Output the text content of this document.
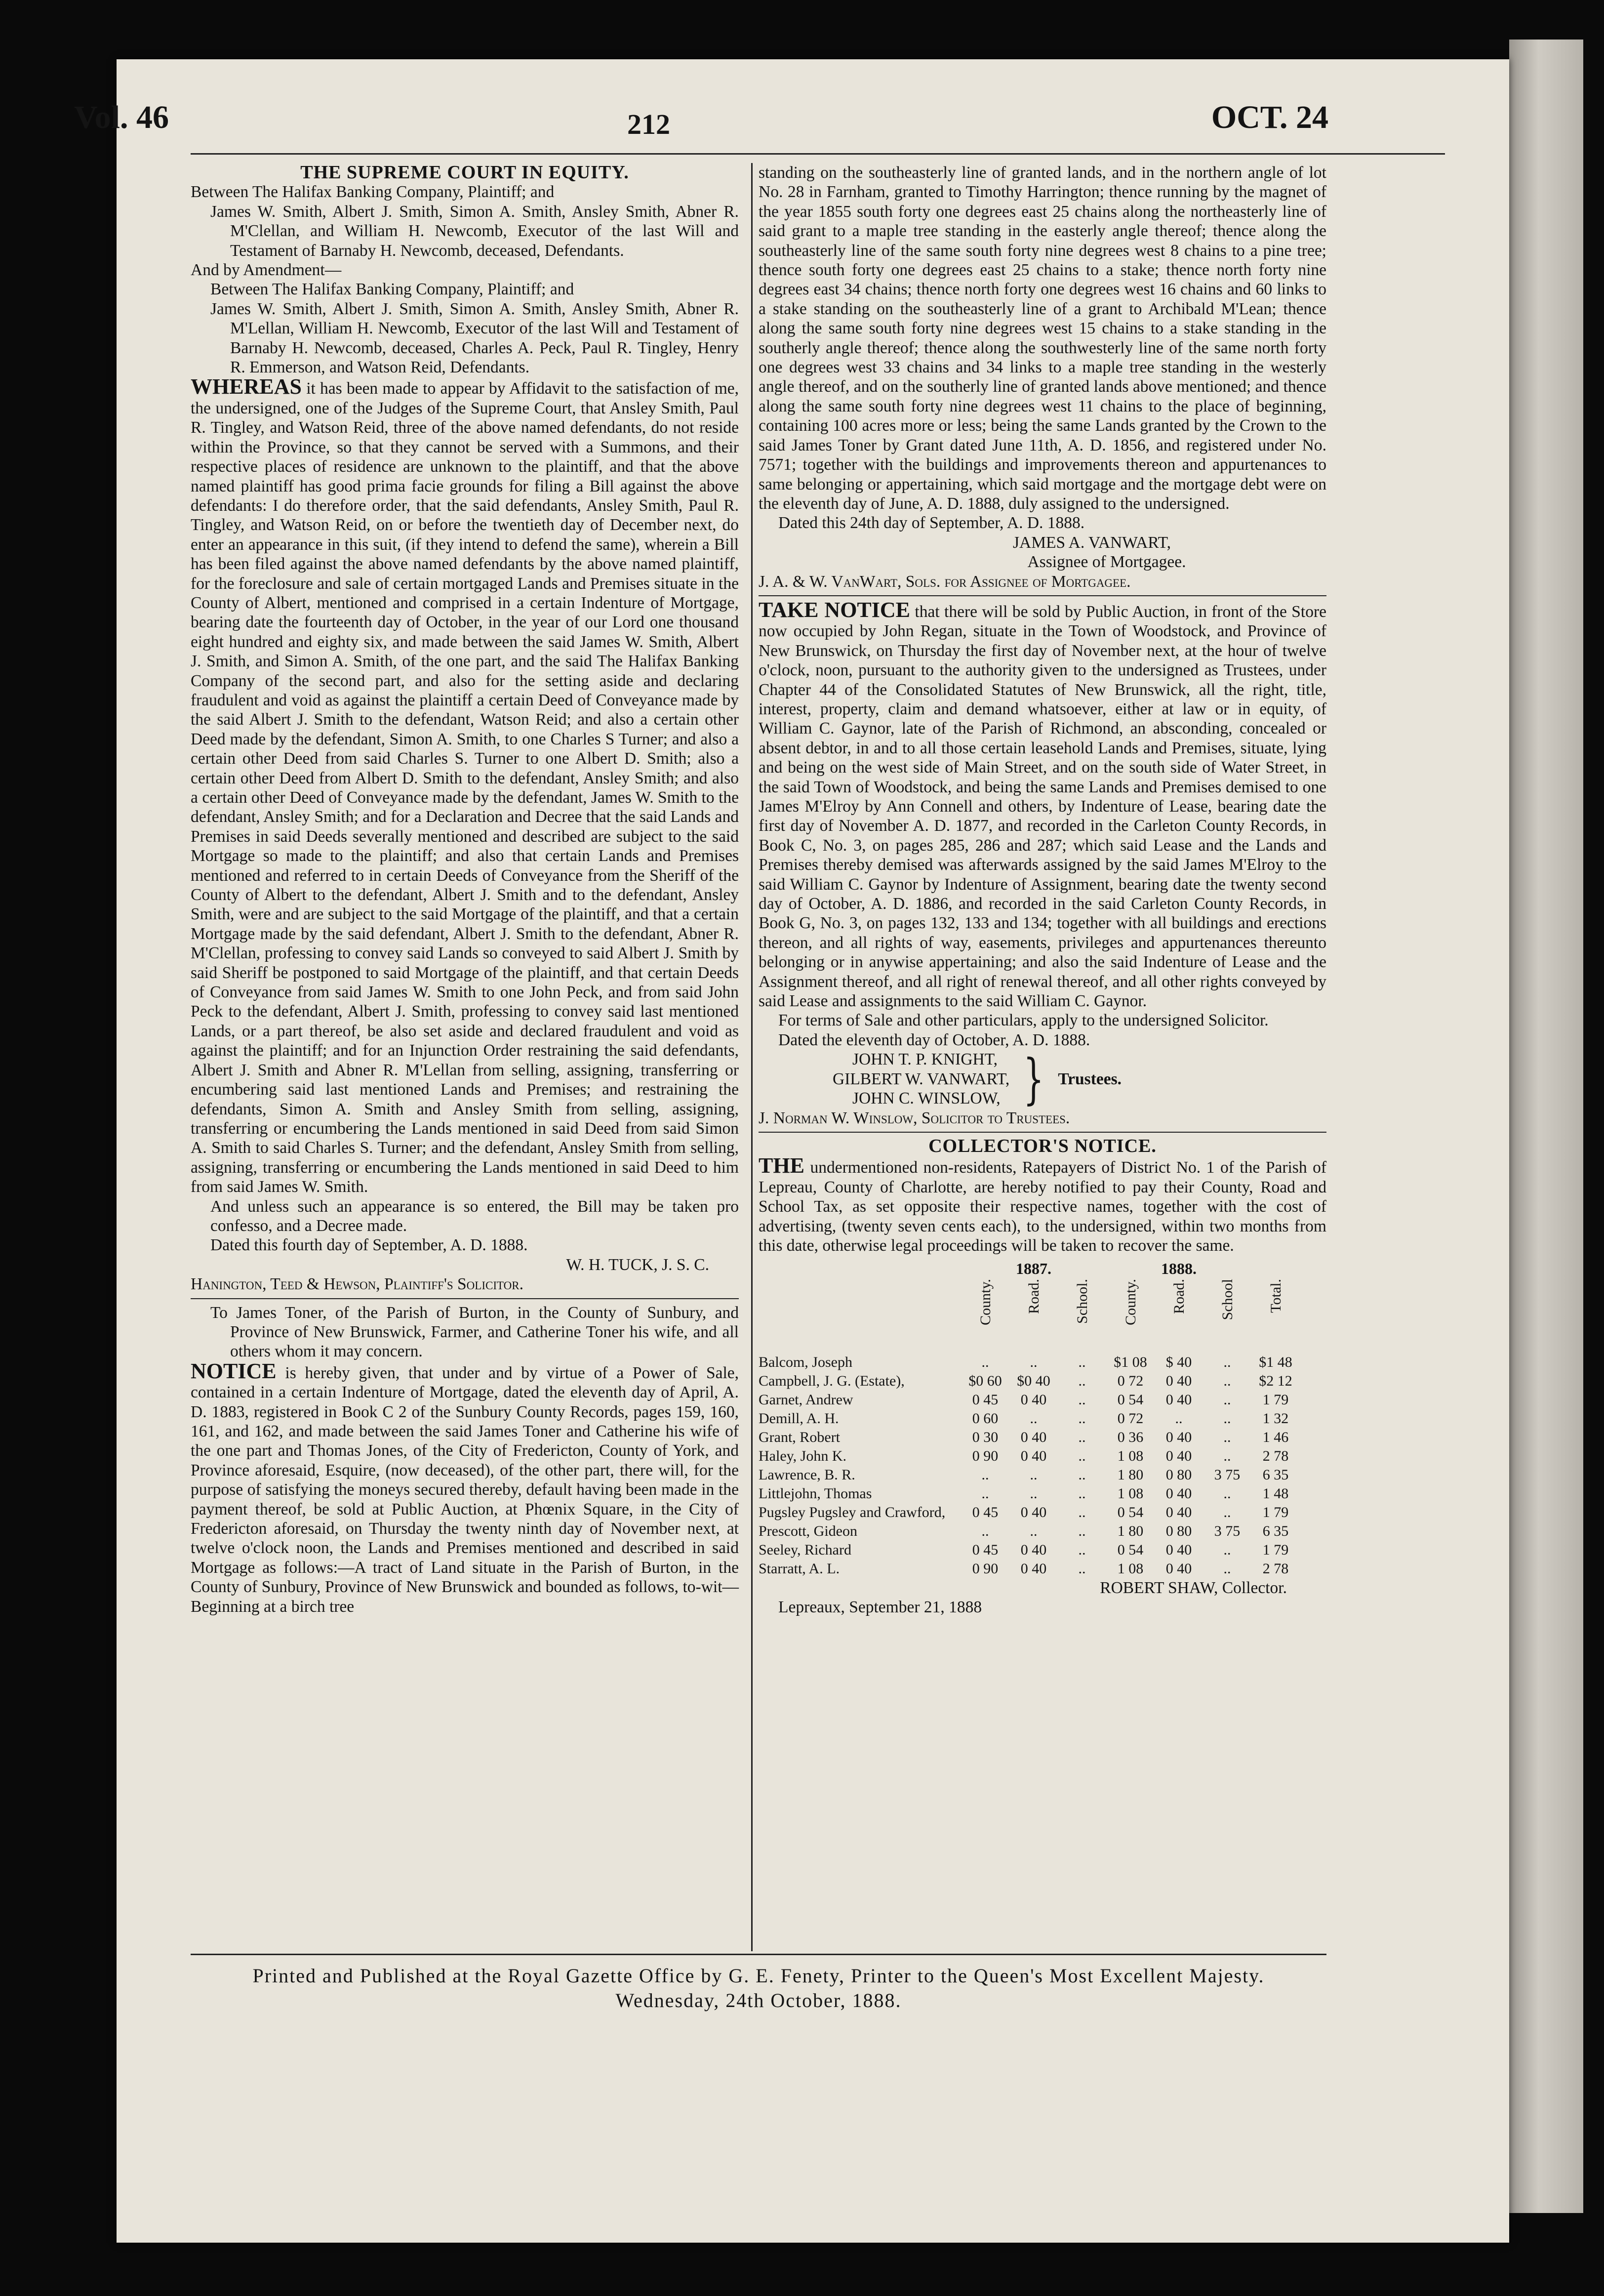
Vol. 46	212	OCT. 24

THE SUPREME COURT IN EQUITY.

Between The Halifax Banking Company, Plaintiff; and

James W. Smith, Albert J. Smith, Simon A. Smith, Ansley Smith, Abner R. M'Clellan, and William H. Newcomb, Executor of the last Will and Testament of Barnaby H. Newcomb, deceased, Defendants.

And by Amendment—

Between The Halifax Banking Company, Plaintiff; and

James W. Smith, Albert J. Smith, Simon A. Smith, Ansley Smith, Abner R. M'Lellan, William H. Newcomb, Executor of the last Will and Testament of Barnaby H. Newcomb, deceased, Charles A. Peck, Paul R. Tingley, Henry R. Emmerson, and Watson Reid, Defendants.

WHEREAS it has been made to appear by Affidavit to the satisfaction of me, the undersigned, one of the Judges of the Supreme Court, that Ansley Smith, Paul R. Tingley, and Watson Reid, three of the above named defendants, do not reside within the Province, so that they cannot be served with a Summons, and their respective places of residence are unknown to the plaintiff, and that the above named plaintiff has good prima facie grounds for filing a Bill against the above defendants: I do therefore order, that the said defendants, Ansley Smith, Paul R. Tingley, and Watson Reid, on or before the twentieth day of December next, do enter an appearance in this suit, (if they intend to defend the same), wherein a Bill has been filed against the above named defendants by the above named plaintiff, for the foreclosure and sale of certain mortgaged Lands and Premises situate in the County of Albert, mentioned and comprised in a certain Indenture of Mortgage, bearing date the fourteenth day of October, in the year of our Lord one thousand eight hundred and eighty six, and made between the said James W. Smith, Albert J. Smith, and Simon A. Smith, of the one part, and the said The Halifax Banking Company of the second part, and also for the setting aside and declaring fraudulent and void as against the plaintiff a certain Deed of Conveyance made by the said Albert J. Smith to the defendant, Watson Reid; and also a certain other Deed made by the defendant, Simon A. Smith, to one Charles S Turner; and also a certain other Deed from said Charles S. Turner to one Albert D. Smith; also a certain other Deed from Albert D. Smith to the defendant, Ansley Smith; and also a certain other Deed of Conveyance made by the defendant, James W. Smith to the defendant, Ansley Smith; and for a Declaration and Decree that the said Lands and Premises in said Deeds severally mentioned and described are subject to the said Mortgage so made to the plaintiff; and also that certain Lands and Premises mentioned and referred to in certain Deeds of Conveyance from the Sheriff of the County of Albert to the defendant, Albert J. Smith and to the defendant, Ansley Smith, were and are subject to the said Mortgage of the plaintiff, and that a certain Mortgage made by the said defendant, Albert J. Smith to the defendant, Abner R. M'Clellan, professing to convey said Lands so conveyed to said Albert J. Smith by said Sheriff be postponed to said Mortgage of the plaintiff, and that certain Deeds of Conveyance from said James W. Smith to one John Peck, and from said John Peck to the defendant, Albert J. Smith, professing to convey said last mentioned Lands, or a part thereof, be also set aside and declared fraudulent and void as against the plaintiff; and for an Injunction Order restraining the said defendants, Albert J. Smith and Abner R. M'Lellan from selling, assigning, transferring or encumbering said last mentioned Lands and Premises; and restraining the defendants, Simon A. Smith and Ansley Smith from selling, assigning, transferring or encumbering the Lands mentioned in said Deed from said Simon A. Smith to said Charles S. Turner; and the defendant, Ansley Smith from selling, assigning, transferring or encumbering the Lands mentioned in said Deed to him from said James W. Smith.

And unless such an appearance is so entered, the Bill may be taken pro confesso, and a Decree made.

Dated this fourth day of September, A. D. 1888.

W. H. TUCK, J. S. C.

Hanington, Teed & Hewson, Plaintiff's Solicitor.

To James Toner, of the Parish of Burton, in the County of Sunbury, and Province of New Brunswick, Farmer, and Catherine Toner his wife, and all others whom it may concern.

NOTICE is hereby given, that under and by virtue of a Power of Sale, contained in a certain Indenture of Mortgage, dated the eleventh day of April, A. D. 1883, registered in Book C 2 of the Sunbury County Records, pages 159, 160, 161, and 162, and made between the said James Toner and Catherine his wife of the one part and Thomas Jones, of the City of Fredericton, County of York, and Province aforesaid, Esquire, (now deceased), of the other part, there will, for the purpose of satisfying the moneys secured thereby, default having been made in the payment thereof, be sold at Public Auction, at Phœnix Square, in the City of Fredericton aforesaid, on Thursday the twenty ninth day of November next, at twelve o'clock noon, the Lands and Premises mentioned and described in said Mortgage as follows:—A tract of Land situate in the Parish of Burton, in the County of Sunbury, Province of New Brunswick and bounded as follows, to-wit—Beginning at a birch tree

standing on the southeasterly line of granted lands, and in the northern angle of lot No. 28 in Farnham, granted to Timothy Harrington; thence running by the magnet of the year 1855 south forty one degrees east 25 chains along the northeasterly line of said grant to a maple tree standing in the easterly angle thereof; thence along the southeasterly line of the same south forty nine degrees west 8 chains to a pine tree; thence south forty one degrees east 25 chains to a stake; thence north forty nine degrees east 34 chains; thence north forty one degrees west 16 chains and 60 links to a stake standing on the southeasterly line of a grant to Archibald M'Lean; thence along the same south forty nine degrees west 15 chains to a stake standing in the southerly angle thereof; thence along the southwesterly line of the same north forty one degrees west 33 chains and 34 links to a maple tree standing in the westerly angle thereof, and on the southerly line of granted lands above mentioned; and thence along the same south forty nine degrees west 11 chains to the place of beginning, containing 100 acres more or less; being the same Lands granted by the Crown to the said James Toner by Grant dated June 11th, A. D. 1856, and registered under No. 7571; together with the buildings and improvements thereon and appurtenances to same belonging or appertaining, which said mortgage and the mortgage debt were on the eleventh day of June, A. D. 1888, duly assigned to the undersigned.

Dated this 24th day of September, A. D. 1888.

JAMES A. VANWART,

Assignee of Mortgagee.

J. A. & W. VanWart, Sols. for Assignee of Mortgagee.

TAKE NOTICE that there will be sold by Public Auction, in front of the Store now occupied by John Regan, situate in the Town of Woodstock, and Province of New Brunswick, on Thursday the first day of November next, at the hour of twelve o'clock, noon, pursuant to the authority given to the undersigned as Trustees, under Chapter 44 of the Consolidated Statutes of New Brunswick, all the right, title, interest, property, claim and demand whatsoever, either at law or in equity, of William C. Gaynor, late of the Parish of Richmond, an absconding, concealed or absent debtor, in and to all those certain leasehold Lands and Premises, situate, lying and being on the west side of Main Street, and on the south side of Water Street, in the said Town of Woodstock, and being the same Lands and Premises demised to one James M'Elroy by Ann Connell and others, by Indenture of Lease, bearing date the first day of November A. D. 1877, and recorded in the Carleton County Records, in Book C, No. 3, on pages 285, 286 and 287; which said Lease and the Lands and Premises thereby demised was afterwards assigned by the said James M'Elroy to the said William C. Gaynor by Indenture of Assignment, bearing date the twenty second day of October, A. D. 1886, and recorded in the said Carleton County Records, in Book G, No. 3, on pages 132, 133 and 134; together with all buildings and erections thereon, and all rights of way, easements, privileges and appurtenances thereunto belonging or in anywise appertaining; and also the said Indenture of Lease and the Assignment thereof, and all right of renewal thereof, and all other rights conveyed by said Lease and assignments to the said William C. Gaynor.

For terms of Sale and other particulars, apply to the undersigned Solicitor.

Dated the eleventh day of October, A. D. 1888.

JOHN T. P. KNIGHT,

GILBERT W. VANWART,

JOHN C. WINSLOW, } Trustees.

J. Norman W. Winslow, Solicitor to Trustees.

COLLECTOR'S NOTICE.

THE undermentioned non-residents, Ratepayers of District No. 1 of the Parish of Lepreau, County of Charlotte, are hereby notified to pay their County, Road and School Tax, as set opposite their respective names, together with the cost of advertising, (twenty seven cents each), to the undersigned, within two months from this date, otherwise legal proceedings will be taken to recover the same.

1887.	1888.
County. Road. School. County. Road. School Total.
Balcom, Joseph	..	..	..	$1 08	$ 40	..	$1 48
Campbell, J. G. (Estate),	$0 60	$0 40	..	0 72	0 40	..	$2 12
Garnet, Andrew	0 45	0 40	..	0 54	0 40	..	1 79
Demill, A. H.	0 60	..	..	0 72	..	..	1 32
Grant, Robert	0 30	0 40	..	0 36	0 40	..	1 46
Haley, John K.	0 90	0 40	..	1 08	0 40	..	2 78
Lawrence, B. R.	..	..	..	1 80	0 80	3 75	6 35
Littlejohn, Thomas	..	..	..	1 08	0 40	..	1 48
Pugsley Pugsley and Crawford,	0 45	0 40	..	0 54	0 40	..	1 79
Prescott, Gideon	..	..	..	1 80	0 80	3 75	6 35
Seeley, Richard	0 45	0 40	..	0 54	0 40	..	1 79
Starratt, A. L.	0 90	0 40	..	1 08	0 40	..	2 78

ROBERT SHAW, Collector.

Lepreaux, September 21, 1888

Printed and Published at the Royal Gazette Office by G. E. Fenety, Printer to the Queen's Most Excellent Majesty.
Wednesday, 24th October, 1888.
